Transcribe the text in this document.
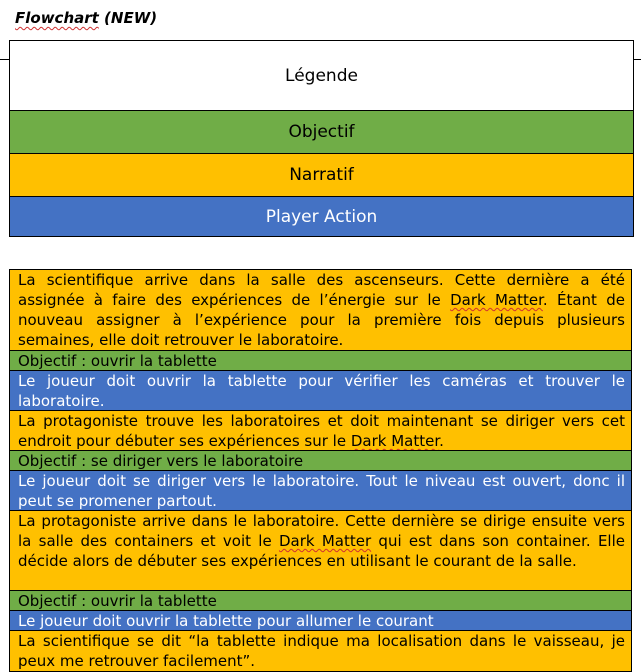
Flowchart (NEW)
Légende
Objectif
Narratif
Player Action
La scientifique arrive dans la salle des ascenseurs. Cette dernière a été assignée à faire des expériences de l’énergie sur le Dark Matter. Étant de nouveau assigner à l’expérience pour la première fois depuis plusieurs semaines, elle doit retrouver le laboratoire.
Objectif : ouvrir la tablette
Le joueur doit ouvrir la tablette pour vérifier les caméras et trouver le laboratoire.
La protagoniste trouve les laboratoires et doit maintenant se diriger vers cet endroit pour débuter ses expériences sur le Dark Matter.
Objectif : se diriger vers le laboratoire
Le joueur doit se diriger vers le laboratoire. Tout le niveau est ouvert, donc il peut se promener partout.
La protagoniste arrive dans le laboratoire. Cette dernière se dirige ensuite vers la salle des containers et voit le Dark Matter qui est dans son container. Elle décide alors de débuter ses expériences en utilisant le courant de la salle.
Objectif : ouvrir la tablette
Le joueur doit ouvrir la tablette pour allumer le courant
La scientifique se dit “la tablette indique ma localisation dans le vaisseau, je peux me retrouver facilement”.
